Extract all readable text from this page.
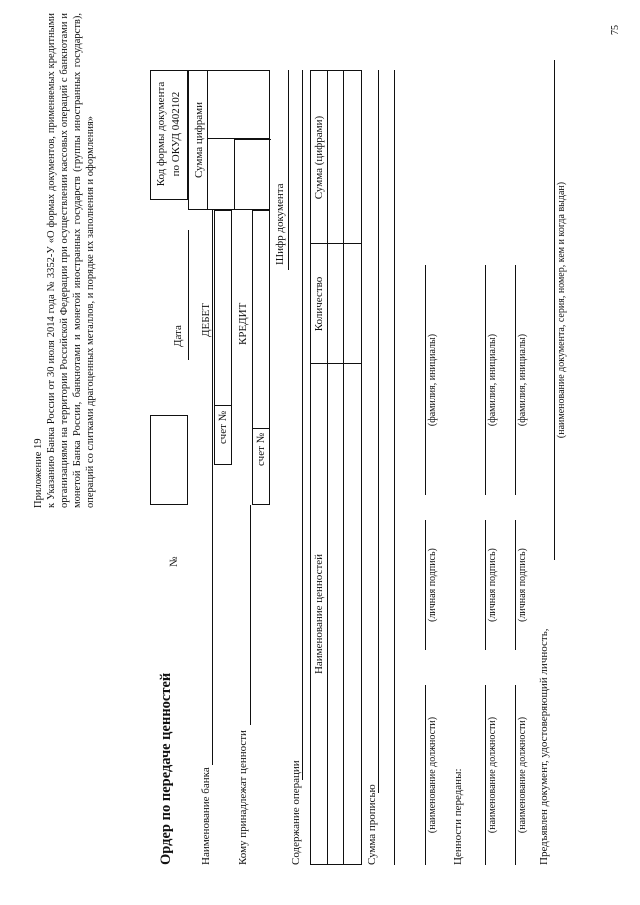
75
Приложение 19 к Указанию Банка России от 30 июля 2014 года № 3352-У «О формах документов, применяемых кредитными организациями на территории Российской Федерации при осуществлении кассовых операций с банкнотами и монетой Банка России, банкнотами и монетой иностранных государств (группы иностранных государств), операций со слитками драгоценных металлов, и порядке их заполнения и оформления»	Код формы документа по ОКУД 0402102
Ордер по передаче ценностей
№
Дата
Наименование банка
ДЕБЕТ КРЕДИТ
счет №
Кому принадлежат ценности
счет №
Сумма цифрами
Шифр документа
Содержание операции
Наименование ценностей
Количество
Сумма (цифрами)
Сумма прописью	(наименование должности)
(личная подпись)
(фамилия, инициалы)
Ценности переданы: (наименование должности)
(личная подпись)
(фамилия, инициалы)
(наименование должности)
(личная подпись)
(фамилия, инициалы)
Предъявлен документ, удостоверяющий личность,
(наименование документа, серия, номер, кем и когда выдан)
